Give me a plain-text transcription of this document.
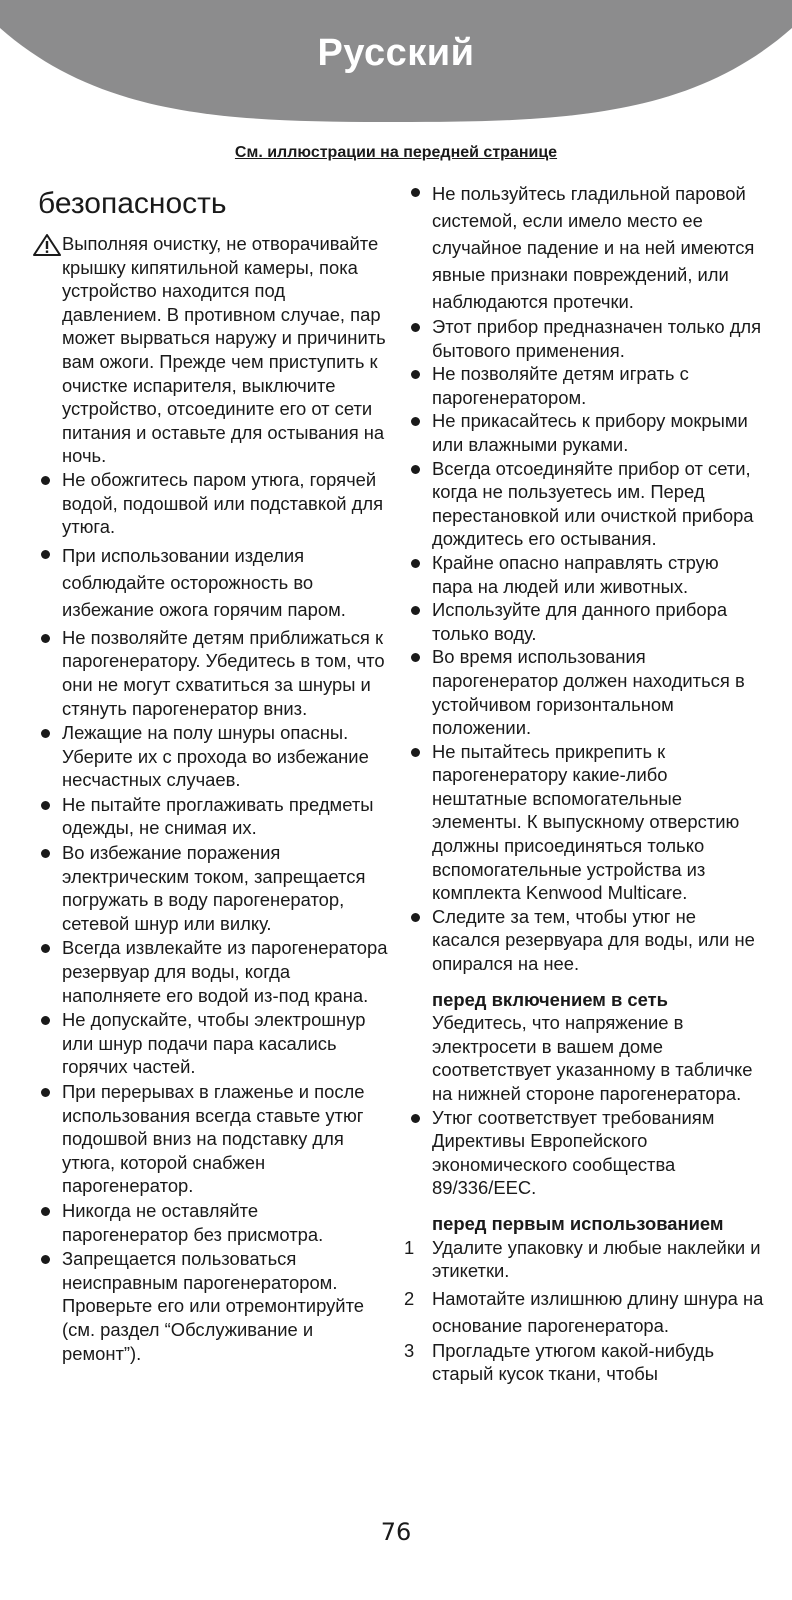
Русский
См. иллюстрации на передней странице
безопасность
Выполняя очистку, не отворачивайте крышку кипятильной камеры, пока устройство находится под давлением. В противном случае, пар может вырваться наружу и причинить вам ожоги. Прежде чем приступить к очистке испарителя, выключите устройство, отсоедините его от сети питания и оставьте для остывания на ночь.
Не обожгитесь паром утюга, горячей водой, подошвой или подставкой для утюга.
При использовании изделия соблюдайте осторожность во избежание ожога горячим паром.
Не позволяйте детям приближаться к парогенератору. Убедитесь в том, что они не могут схватиться за шнуры и стянуть парогенератор вниз.
Лежащие на полу шнуры опасны. Уберите их с прохода во избежание несчастных случаев.
Не пытайте проглаживать предметы одежды, не снимая их.
Во избежание поражения электрическим током, запрещается погружать в воду парогенератор, сетевой шнур или вилку.
Всегда извлекайте из парогенератора резервуар для воды, когда наполняете его водой из-под крана.
Не допускайте, чтобы электрошнур или шнур подачи пара касались горячих частей.
При перерывах в глаженье и после использования всегда ставьте утюг подошвой вниз на подставку для утюга, которой снабжен парогенератор.
Никогда не оставляйте парогенератор без присмотра.
Запрещается пользоваться неисправным парогенератором. Проверьте его или отремонтируйте (см. раздел “Обслуживание и ремонт”).
Не пользуйтесь гладильной паровой системой, если имело место ее случайное падение и на ней имеются явные признаки повреждений, или наблюдаются протечки.
Этот прибор предназначен только для бытового применения.
Не позволяйте детям играть с парогенератором.
Не прикасайтесь к прибору мокрыми или влажными руками.
Всегда отсоединяйте прибор от сети, когда не пользуетесь им. Перед перестановкой или очисткой прибора дождитесь его остывания.
Крайне опасно направлять струю пара на людей или животных.
Используйте для данного прибора только воду.
Во время использования парогенератор должен находиться в устойчивом горизонтальном положении.
Не пытайтесь прикрепить к парогенератору какие-либо нештатные вспомогательные элементы. К выпускному отверстию должны присоединяться только вспомогательные устройства из комплекта Kenwood Multicare.
Следите за тем, чтобы утюг не касался резервуара для воды, или не опирался на нее.
перед включением в сеть
Убедитесь, что напряжение в электросети в вашем доме соответствует указанному в табличке на нижней стороне парогенератора.
Утюг соответствует требованиям Директивы Европейского экономического сообщества 89/336/EEC.
перед первым использованием
1 Удалите упаковку и любые наклейки и этикетки.
2 Намотайте излишнюю длину шнура на основание парогенератора.
3 Прогладьте утюгом какой-нибудь старый кусок ткани, чтобы
76
